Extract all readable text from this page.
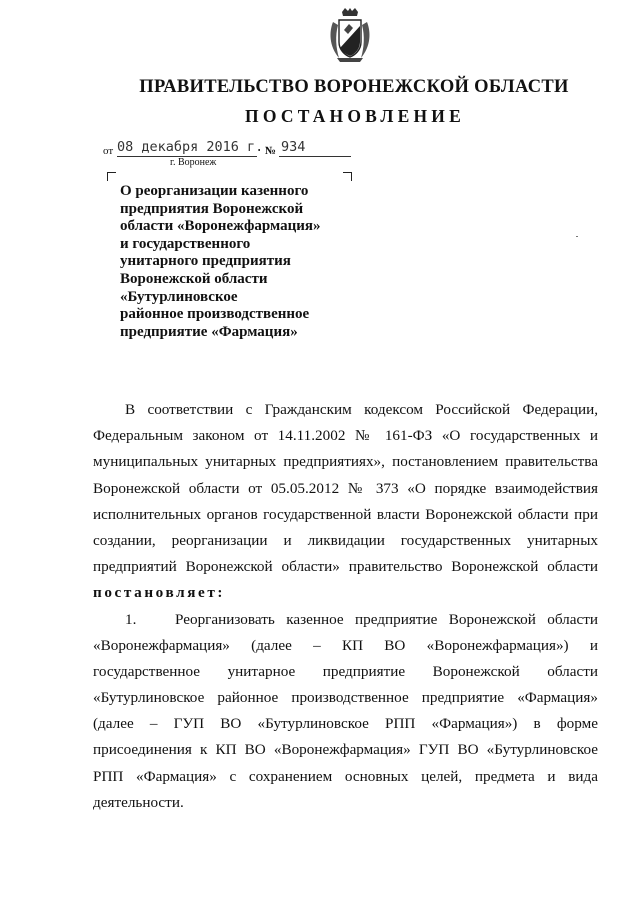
ПРАВИТЕЛЬСТВО ВОРОНЕЖСКОЙ ОБЛАСТИ
ПОСТАНОВЛЕНИЕ
от 08 декабря 2016 г. № 934
г. Воронеж
О реорганизации казенного
предприятия Воронежской
области «Воронежфармация»
и государственного
унитарного предприятия
Воронежской области
«Бутурлиновское
районное производственное
предприятие «Фармация»
В соответствии с Гражданским кодексом Российской Федерации,
Федеральным законом от 14.11.2002 № 161-ФЗ «О государственных и
муниципальных унитарных предприятиях», постановлением правительства
Воронежской области от 05.05.2012 № 373 «О порядке взаимодействия
исполнительных органов государственной власти Воронежской области при
создании, реорганизации и ликвидации государственных унитарных
предприятий Воронежской области» правительство Воронежской области
постановляет:
1.	Реорганизовать казенное предприятие Воронежской области
«Воронежфармация» (далее – КП ВО «Воронежфармация») и
государственное унитарное предприятие Воронежской области
«Бутурлиновское районное производственное предприятие «Фармация»
(далее – ГУП ВО «Бутурлиновское РПП «Фармация») в форме
присоединения к КП ВО «Воронежфармация» ГУП ВО «Бутурлиновское
РПП «Фармация» с сохранением основных целей, предмета и вида
деятельности.
